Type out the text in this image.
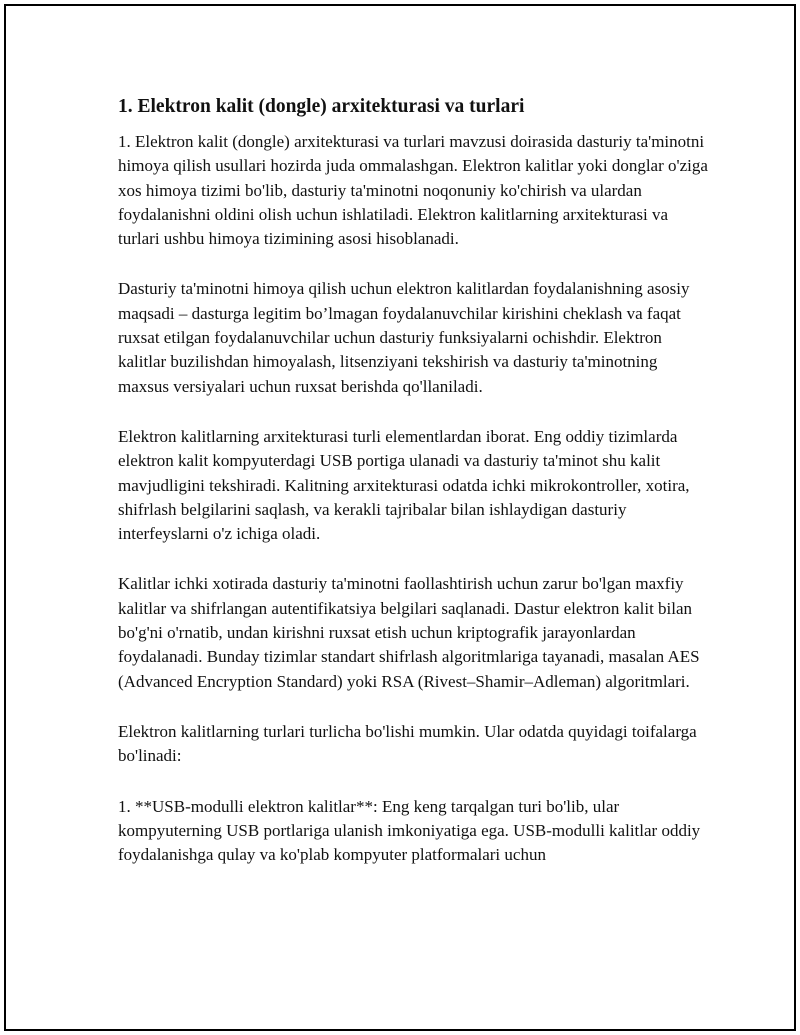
1. Elektron kalit (dongle) arxitekturasi va turlari

1. Elektron kalit (dongle) arxitekturasi va turlari mavzusi doirasida dasturiy ta'minotni himoya qilish usullari hozirda juda ommalashgan. Elektron kalitlar yoki donglar o'ziga xos himoya tizimi bo'lib, dasturiy ta'minotni noqonuniy ko'chirish va ulardan foydalanishni oldini olish uchun ishlatiladi. Elektron kalitlarning arxitekturasi va turlari ushbu himoya tizimining asosi hisoblanadi.

Dasturiy ta'minotni himoya qilish uchun elektron kalitlardan foydalanishning asosiy maqsadi – dasturga legitim bo’lmagan foydalanuvchilar kirishini cheklash va faqat ruxsat etilgan foydalanuvchilar uchun dasturiy funksiyalarni ochishdir. Elektron kalitlar buzilishdan himoyalash, litsenziyani tekshirish va dasturiy ta'minotning maxsus versiyalari uchun ruxsat berishda qo'llaniladi.

Elektron kalitlarning arxitekturasi turli elementlardan iborat. Eng oddiy tizimlarda elektron kalit kompyuterdagi USB portiga ulanadi va dasturiy ta'minot shu kalit mavjudligini tekshiradi. Kalitning arxitekturasi odatda ichki mikrokontroller, xotira, shifrlash belgilarini saqlash, va kerakli tajribalar bilan ishlaydigan dasturiy interfeyslarni o'z ichiga oladi.

Kalitlar ichki xotirada dasturiy ta'minotni faollashtirish uchun zarur bo'lgan maxfiy kalitlar va shifrlangan autentifikatsiya belgilari saqlanadi. Dastur elektron kalit bilan bo'g'ni o'rnatib, undan kirishni ruxsat etish uchun kriptografik jarayonlardan foydalanadi. Bunday tizimlar standart shifrlash algoritmlariga tayanadi, masalan AES (Advanced Encryption Standard) yoki RSA (Rivest–Shamir–Adleman) algoritmlari.

Elektron kalitlarning turlari turlicha bo'lishi mumkin. Ular odatda quyidagi toifalarga bo'linadi:

1. **USB-modulli elektron kalitlar**: Eng keng tarqalgan turi bo'lib, ular kompyuterning USB portlariga ulanish imkoniyatiga ega. USB-modulli kalitlar oddiy foydalanishga qulay va ko'plab kompyuter platformalari uchun
